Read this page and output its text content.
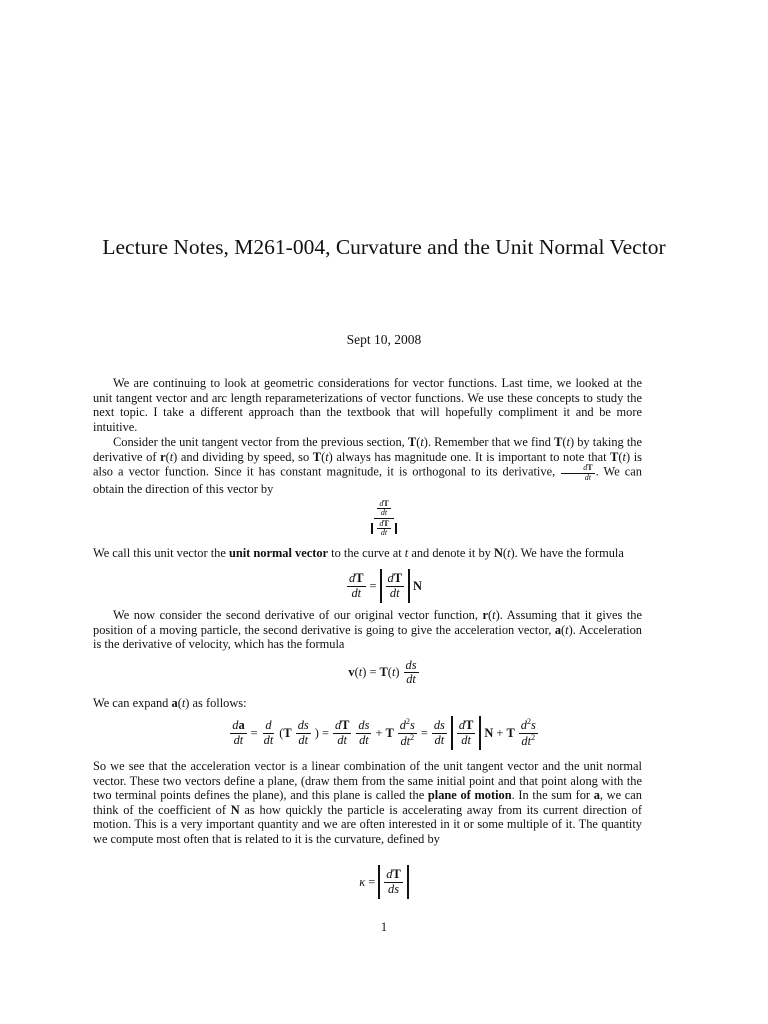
Lecture Notes, M261-004, Curvature and the Unit Normal Vector
Sept 10, 2008

We are continuing to look at geometric considerations for vector functions. Last time, we looked at the unit tangent vector and arc length reparameterizations of vector functions. We use these concepts to study the next topic. I take a different approach than the textbook that will hopefully compliment it and be more intuitive.

Consider the unit tangent vector from the previous section, T(t). Remember that we find T(t) by taking the derivative of r(t) and dividing by speed, so T(t) always has magnitude one. It is important to note that T(t) is also a vector function. Since it has constant magnitude, it is orthogonal to its derivative, $\frac{dT}{dt}$ . We can obtain the direction of this vector by

$\frac{\frac{dT}{dt}}{\frac{dT}{dt}}$

We call this unit vector the unit normal vector to the curve at t and denote it by N(t). We have the formula

$\frac{dT}{dt} = \frac{dT}{dt}$ N

We now consider the second derivative of our original vector function, r(t). Assuming that it gives the position of a moving particle, the second derivative is going to give the acceleration vector, a(t). Acceleration is the derivative of velocity, which has the formula

$v(t) = T(t) \frac{ds}{dt}$

We can expand a(t) as follows:

$\frac{da}{dt} = \frac{d}{dt} (T \frac{ds}{dt}$ ) = $\frac{dT}{dt} \frac{ds}{dt} + T \frac{d^2s}{dt^2} = \frac{ds}{dt} \frac{dT}{dt}$ N + T $\frac{d^2s}{dt^2}$

So we see that the acceleration vector is a linear combination of the unit tangent vector and the unit normal vector. These two vectors define a plane, (draw them from the same initial point and that point along with the two terminal points defines the plane), and this plane is called the plane of motion. In the sum for a, we can think of the coefficient of N as how quickly the particle is accelerating away from its current direction of motion. This is a very important quantity and we are often interested in it or some multiple of it. The quantity we compute most often that is related to it is the curvature, defined by

$\kappa = \frac{dT}{ds}$
1
